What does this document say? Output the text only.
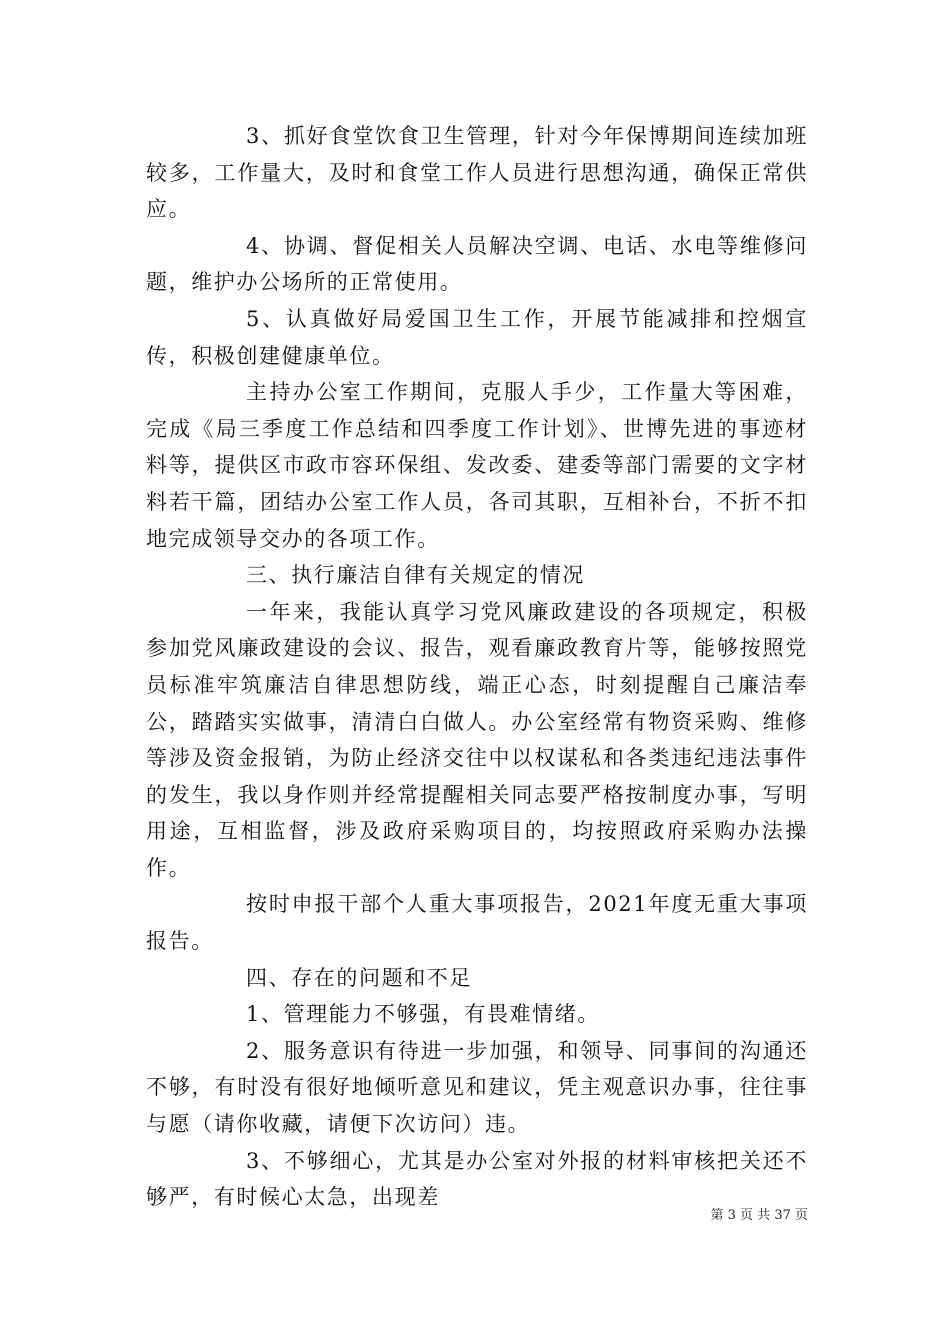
3、抓好食堂饮食卫生管理，针对今年保博期间连续加班较多，工作量大，及时和食堂工作人员进行思想沟通，确保正常供应。

4、协调、督促相关人员解决空调、电话、水电等维修问题，维护办公场所的正常使用。

5、认真做好局爱国卫生工作，开展节能减排和控烟宣传，积极创建健康单位。

主持办公室工作期间，克服人手少，工作量大等困难，完成《局三季度工作总结和四季度工作计划》、世博先进的事迹材料等，提供区市政市容环保组、发改委、建委等部门需要的文字材料若干篇，团结办公室工作人员，各司其职，互相补台，不折不扣地完成领导交办的各项工作。

三、执行廉洁自律有关规定的情况

一年来，我能认真学习党风廉政建设的各项规定，积极参加党风廉政建设的会议、报告，观看廉政教育片等，能够按照党员标准牢筑廉洁自律思想防线，端正心态，时刻提醒自己廉洁奉公，踏踏实实做事，清清白白做人。办公室经常有物资采购、维修等涉及资金报销，为防止经济交往中以权谋私和各类违纪违法事件的发生，我以身作则并经常提醒相关同志要严格按制度办事，写明用途，互相监督，涉及政府采购项目的，均按照政府采购办法操作。

按时申报干部个人重大事项报告，2021年度无重大事项报告。

四、存在的问题和不足

1、管理能力不够强，有畏难情绪。

2、服务意识有待进一步加强，和领导、同事间的沟通还不够，有时没有很好地倾听意见和建议，凭主观意识办事，往往事与愿（请你收藏，请便下次访问）违。

3、不够细心，尤其是办公室对外报的材料审核把关还不够严，有时候心太急，出现差

第 3 页 共 37 页
